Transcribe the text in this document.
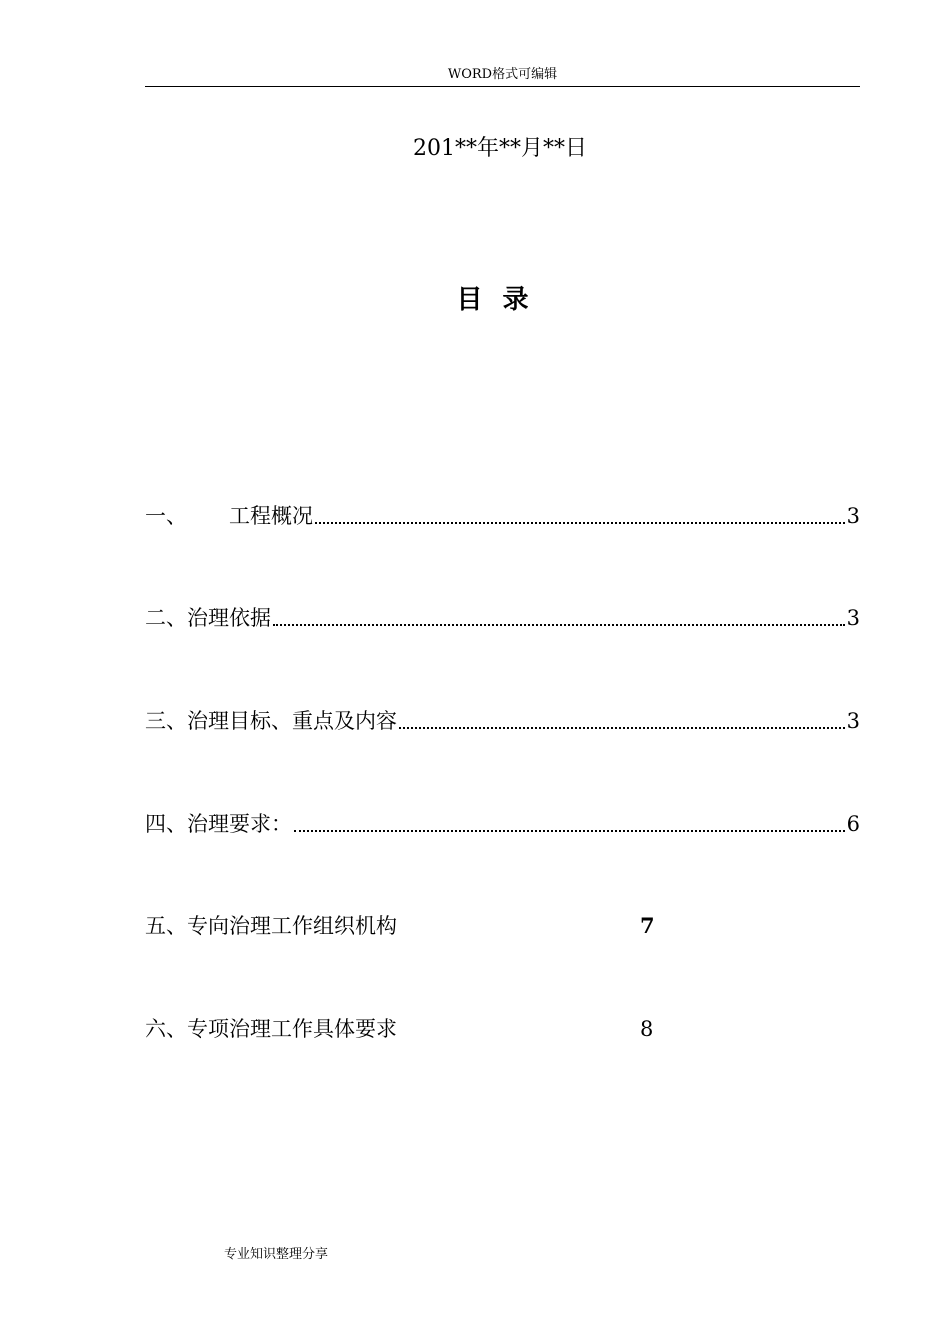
WORD格式可编辑
201**年**月**日
目录
一、 工程概况	3
二、 治理依据	3
三、 治理目标、重点及内容	3
四、 治理要求：	6
五、 专向治理工作组织机构	7
六、 专项治理工作具体要求	8
专业知识整理分享
